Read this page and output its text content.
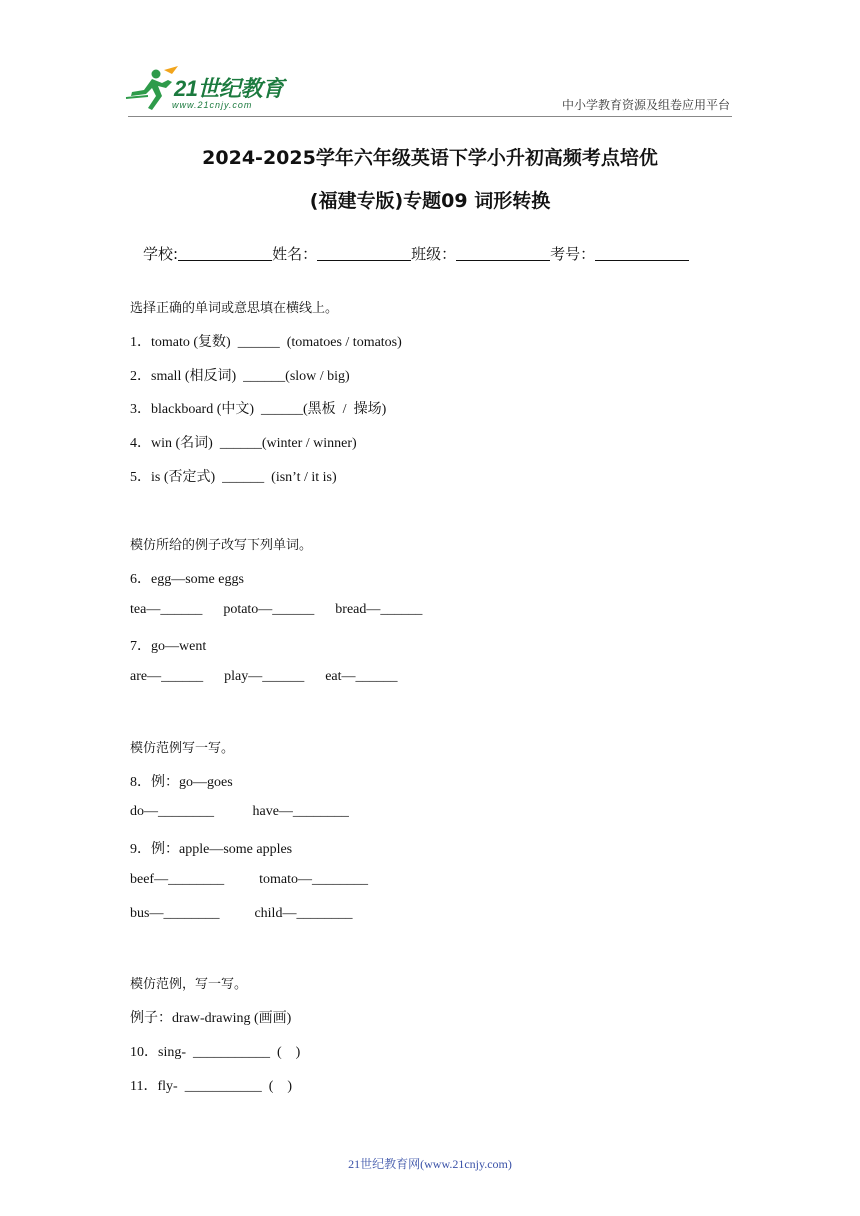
21世纪教育
www.21cnjy.com	中小学教育资源及组卷应用平台
2024-2025学年六年级英语下学小升初高频考点培优
(福建专版)专题09 词形转换
学校:	姓名：	班级：	考号：
选择正确的单词或意思填在横线上。
1．tomato (复数)  ______  (tomatoes / tomatos)
2．small (相反词)  ______(slow / big)
3．blackboard (中文)  ______(黑板  /  操场)
4．win (名词)  ______(winter / winner)
5．is (否定式)  ______  (isn’t / it is)
模仿所给的例子改写下列单词。
6．egg—some eggs
tea—______      potato—______      bread—______
7．go—went
are—______      play—______      eat—______
模仿范例写一写。
8．例：go—goes
do—________           have—________
9．例：apple—some apples
beef—________          tomato—________
bus—________          child—________
模仿范例，写一写。
例子：draw-drawing (画画)
10．sing-  ___________  (    )
11．fly-  ___________  (    )
21世纪教育网(www.21cnjy.com)
